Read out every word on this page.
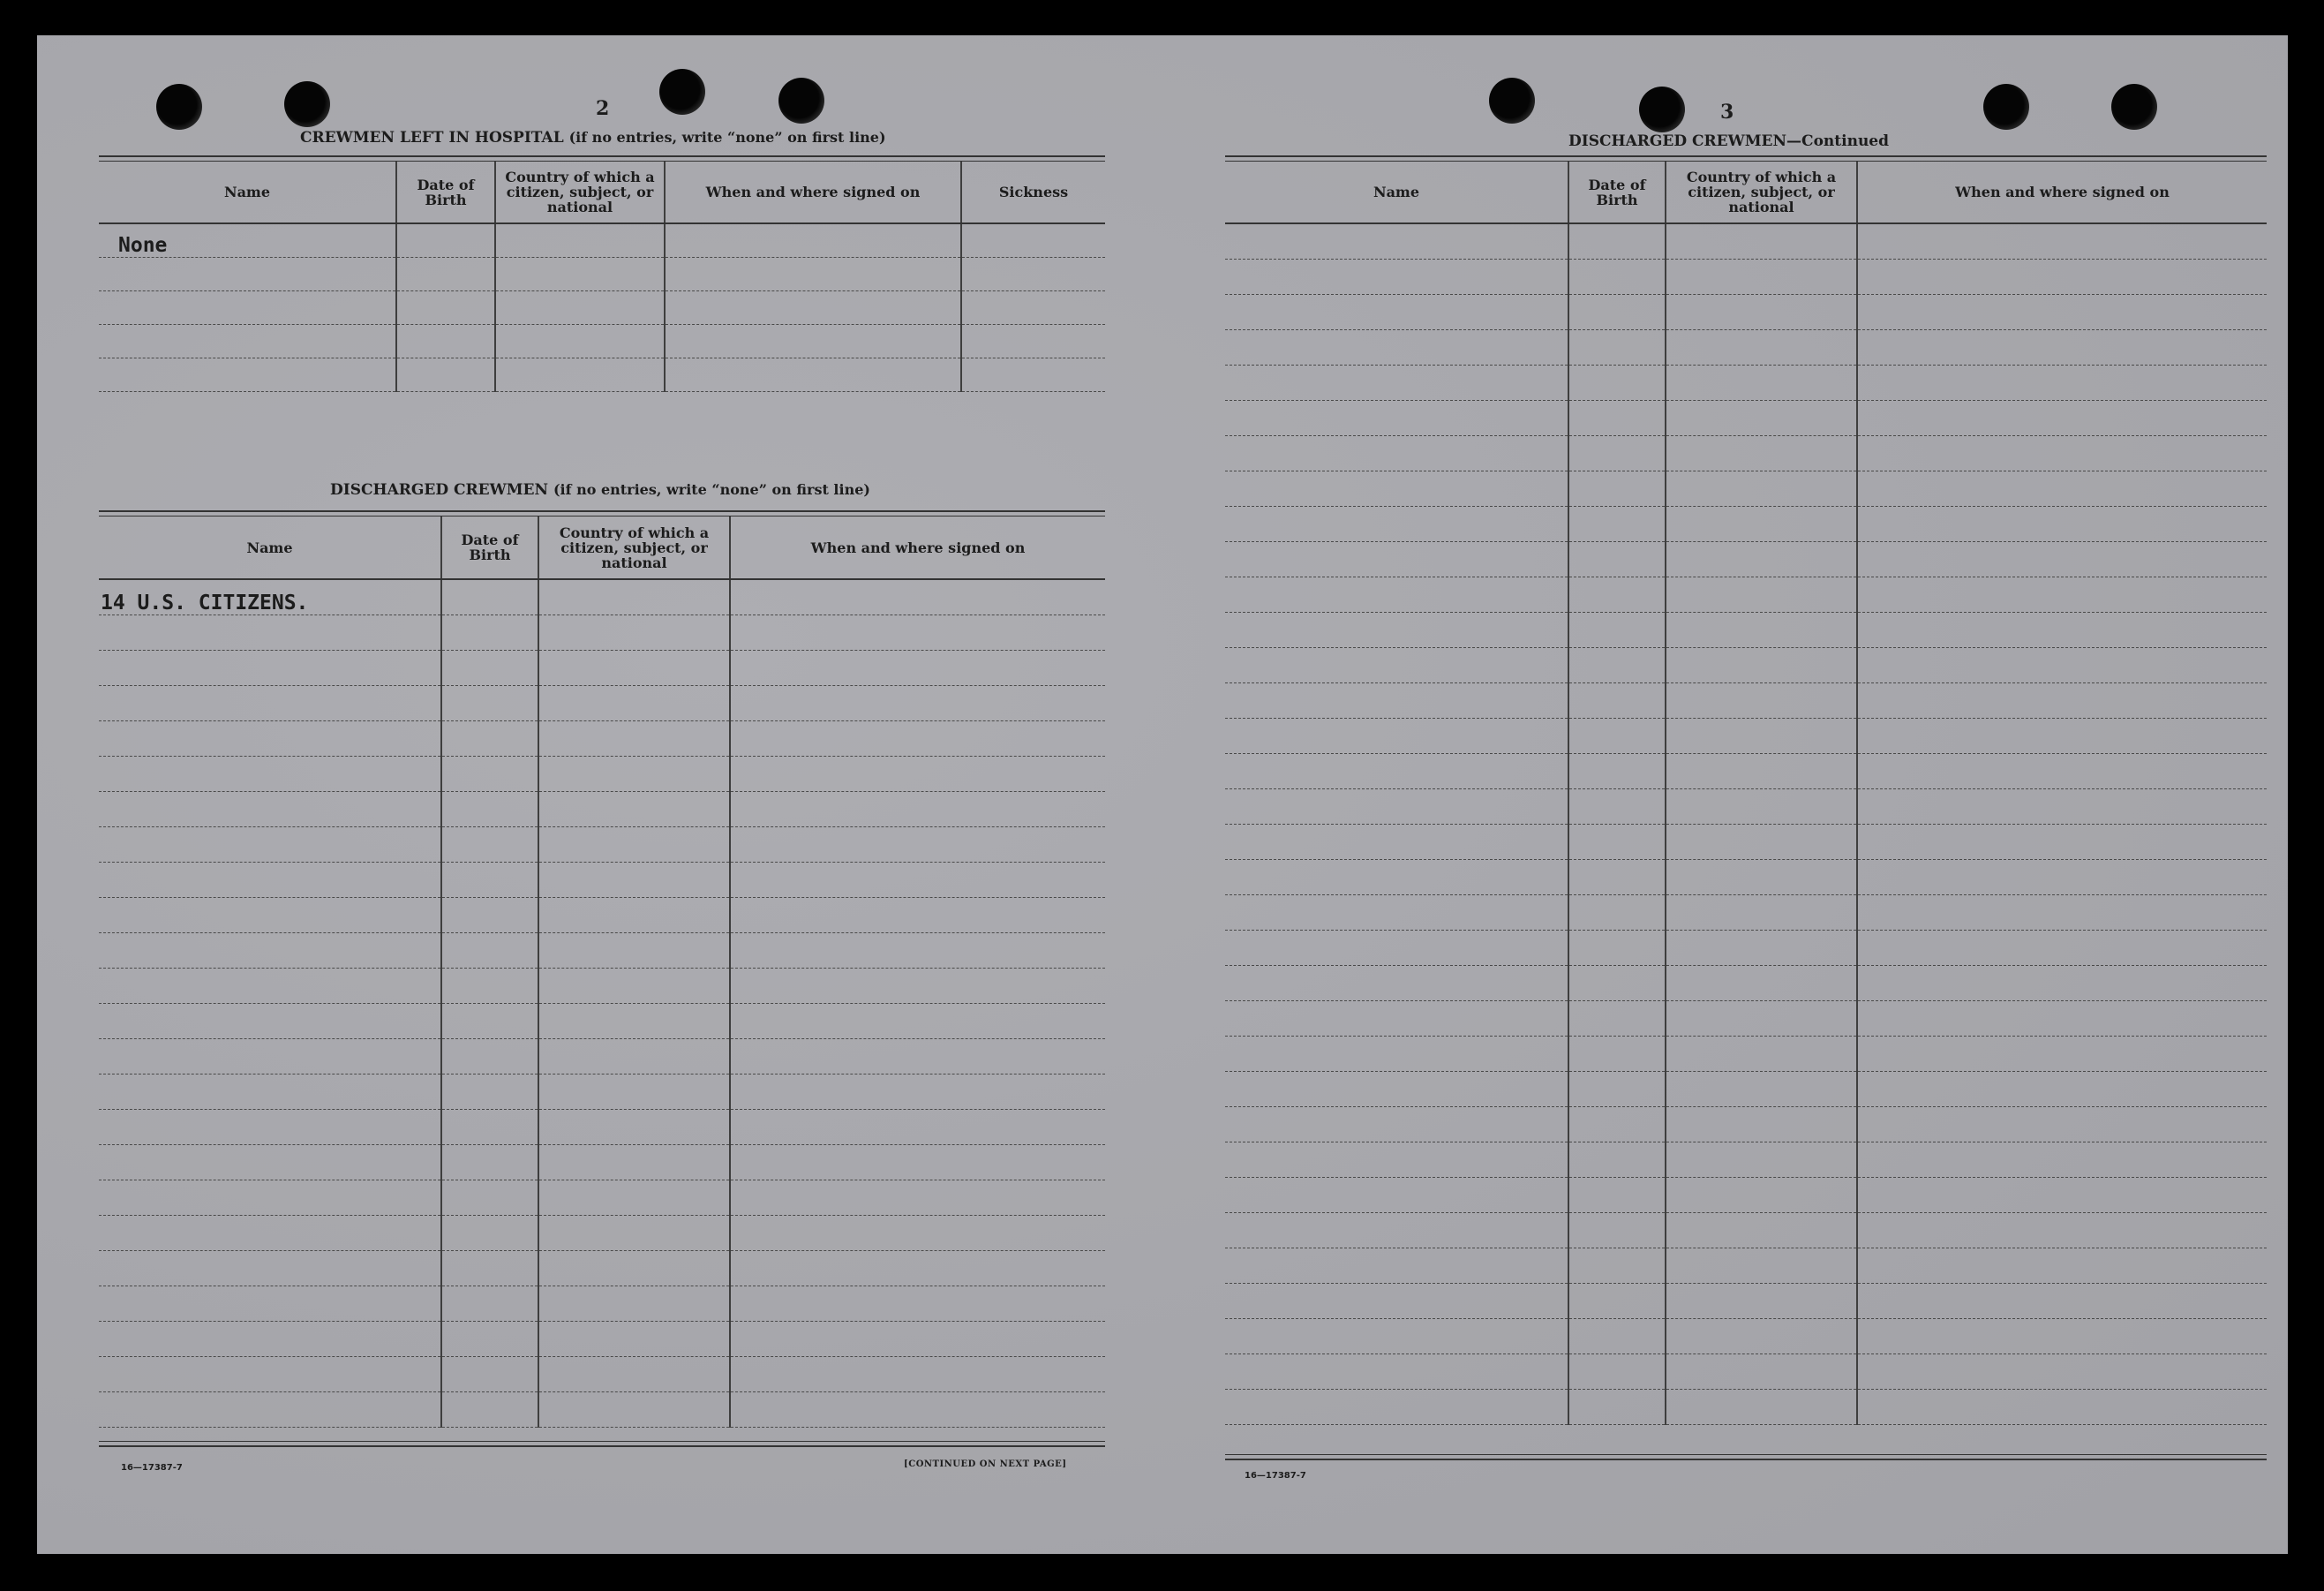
2
CREWMEN LEFT IN HOSPITAL (if no entries, write “none” on first line)
Name	Date of Birth	Country of which a citizen, subject, or national	When and where signed on	Sickness
None				

DISCHARGED CREWMEN (if no entries, write “none” on first line)
Name	Date of Birth	Country of which a citizen, subject, or national	When and where signed on
14 U.S. CITIZENS.			

16—17387-7	[CONTINUED ON NEXT PAGE]
3
DISCHARGED CREWMEN—Continued
Name	Date of Birth	Country of which a citizen, subject, or national	When and where signed on

16—17387-7
